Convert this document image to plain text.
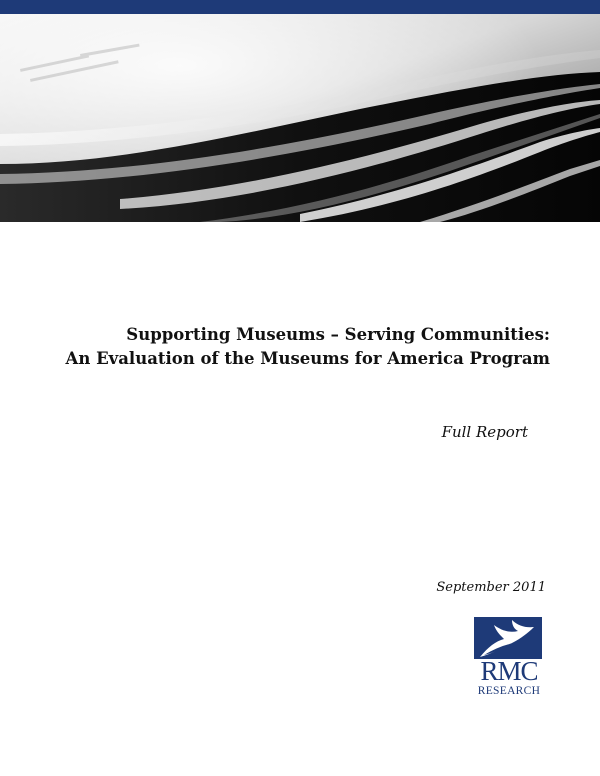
Supporting Museums – Serving Communities:
An Evaluation of the Museums for America Program
Full Report
September 2011
RMC
RESEARCH
